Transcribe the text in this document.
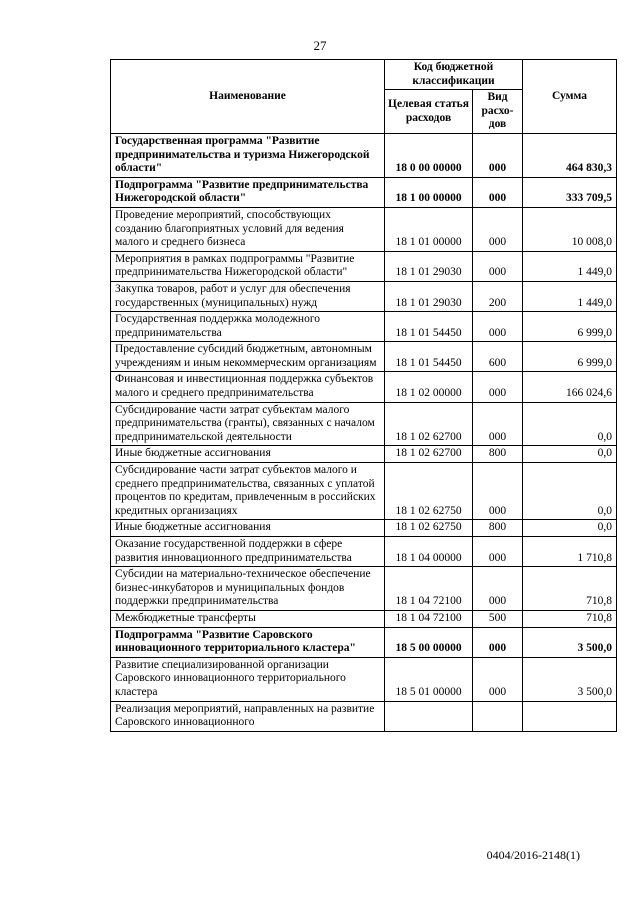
27
Наименование	Код бюджетной классификации		Сумма
	Целевая статья расходов	Вид расхо-дов	
Государственная программа "Развитие предпринимательства и туризма Нижегородской области"	18 0 00 00000	000	464 830,3
Подпрограмма "Развитие предпринимательства Нижегородской области"	18 1 00 00000	000	333 709,5
Проведение мероприятий, способствующих созданию благоприятных условий для ведения малого и среднего бизнеса	18 1 01 00000	000	10 008,0
Мероприятия в рамках подпрограммы "Развитие предпринимательства Нижегородской области"	18 1 01 29030	000	1 449,0
Закупка товаров, работ и услуг для обеспечения государственных (муниципальных) нужд	18 1 01 29030	200	1 449,0
Государственная поддержка молодежного предпринимательства	18 1 01 54450	000	6 999,0
Предоставление субсидий бюджетным, автономным учреждениям и иным некоммерческим организациям	18 1 01 54450	600	6 999,0
Финансовая и инвестиционная поддержка субъектов малого и среднего предпринимательства	18 1 02 00000	000	166 024,6
Субсидирование части затрат субъектам малого предпринимательства (гранты), связанных с началом предпринимательской деятельности	18 1 02 62700	000	0,0
Иные бюджетные ассигнования	18 1 02 62700	800	0,0
Субсидирование части затрат субъектов малого и среднего предпринимательства, связанных с уплатой процентов по кредитам, привлеченным в российских кредитных организациях	18 1 02 62750	000	0,0
Иные бюджетные ассигнования	18 1 02 62750	800	0,0
Оказание государственной поддержки в сфере развития инновационного предпринимательства	18 1 04 00000	000	1 710,8
Субсидии на материально-техническое обеспечение бизнес-инкубаторов и муниципальных фондов поддержки предпринимательства	18 1 04 72100	000	710,8
Межбюджетные трансферты	18 1 04 72100	500	710,8
Подпрограмма "Развитие Саровского инновационного территориального кластера"	18 5 00 00000	000	3 500,0
Развитие специализированной организации Саровского инновационного территориального кластера	18 5 01 00000	000	3 500,0
Реализация мероприятий, направленных на развитие Саровского инновационного			
0404/2016-2148(1)
